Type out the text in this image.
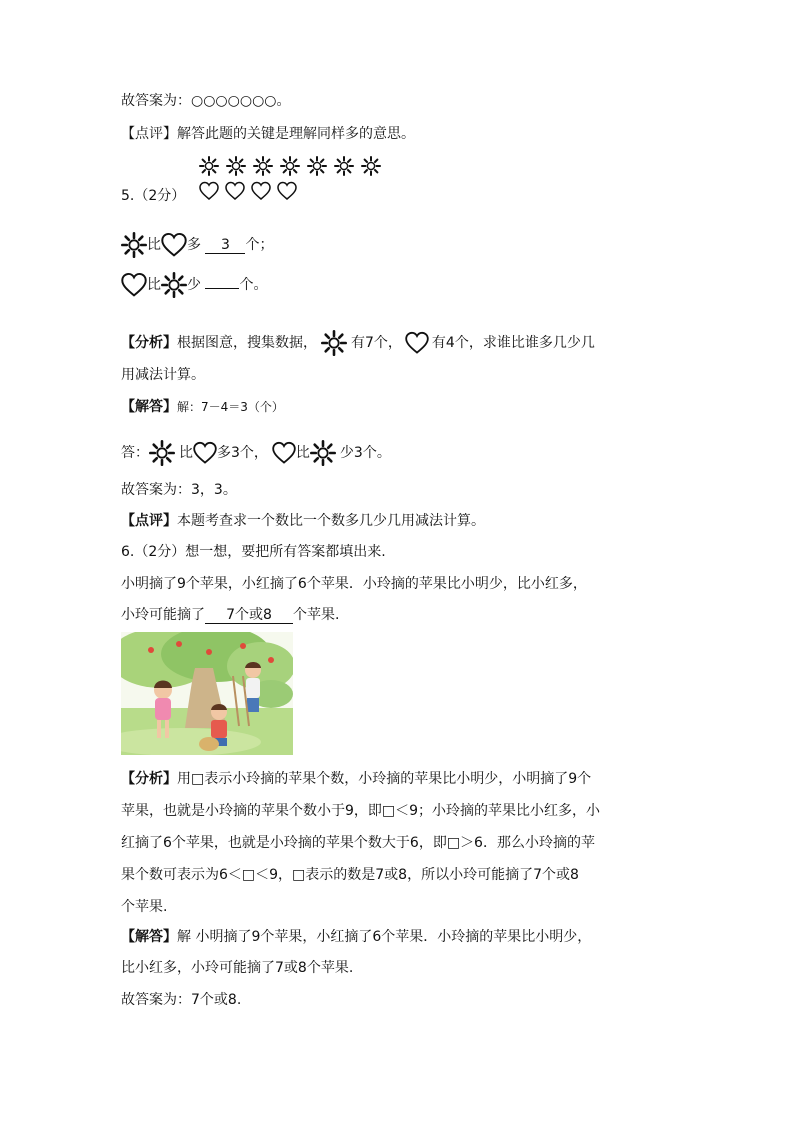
故答案为：○○○○○○○。
【点评】解答此题的关键是理解同样多的意思。
5.（2分）
比 多 3 个；
比 少	个。
【分析】根据图意，搜集数据， 有7个， 有4个，求谁比谁多几少几
用减法计算。
【解答】解：7－4＝3（个）
答： 比 多3个， 比 少3个。
故答案为：3，3。
【点评】本题考查求一个数比一个数多几少几用减法计算。
6.（2分）想一想，要把所有答案都填出来.
小明摘了9个苹果，小红摘了6个苹果．小玲摘的苹果比小明少，比小红多，
小玲可能摘了 7个或8 个苹果.
【分析】用□表示小玲摘的苹果个数，小玲摘的苹果比小明少，小明摘了9个
苹果，也就是小玲摘的苹果个数小于9，即□＜9；小玲摘的苹果比小红多，小
红摘了6个苹果，也就是小玲摘的苹果个数大于6，即□＞6．那么小玲摘的苹
果个数可表示为6＜□＜9，□表示的数是7或8，所以小玲可能摘了7个或8
个苹果.
【解答】解 小明摘了9个苹果，小红摘了6个苹果．小玲摘的苹果比小明少，
比小红多，小玲可能摘了7或8个苹果.
故答案为：7个或8.
